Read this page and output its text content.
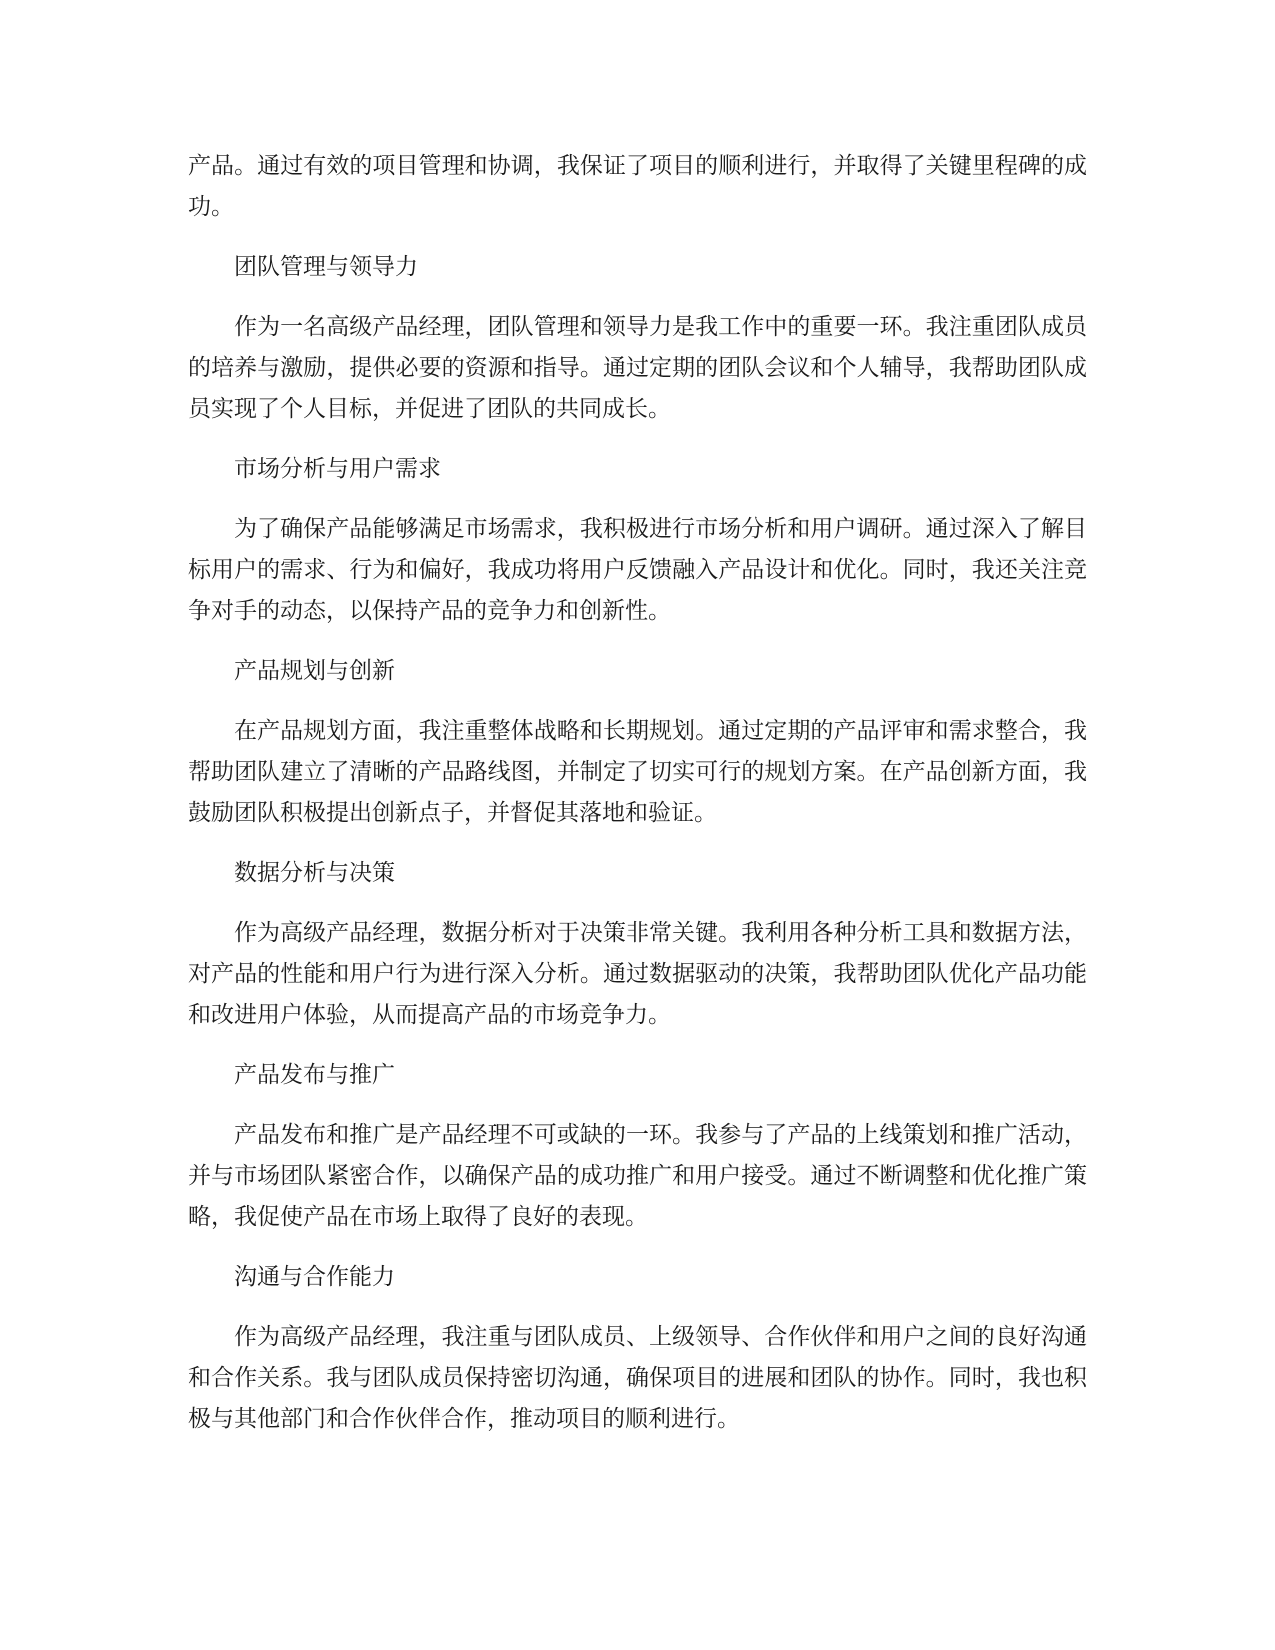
产品。通过有效的项目管理和协调，我保证了项目的顺利进行，并取得了关键里程碑的成功。

团队管理与领导力

作为一名高级产品经理，团队管理和领导力是我工作中的重要一环。我注重团队成员的培养与激励，提供必要的资源和指导。通过定期的团队会议和个人辅导，我帮助团队成员实现了个人目标，并促进了团队的共同成长。

市场分析与用户需求

为了确保产品能够满足市场需求，我积极进行市场分析和用户调研。通过深入了解目标用户的需求、行为和偏好，我成功将用户反馈融入产品设计和优化。同时，我还关注竞争对手的动态，以保持产品的竞争力和创新性。

产品规划与创新

在产品规划方面，我注重整体战略和长期规划。通过定期的产品评审和需求整合，我帮助团队建立了清晰的产品路线图，并制定了切实可行的规划方案。在产品创新方面，我鼓励团队积极提出创新点子，并督促其落地和验证。

数据分析与决策

作为高级产品经理，数据分析对于决策非常关键。我利用各种分析工具和数据方法，对产品的性能和用户行为进行深入分析。通过数据驱动的决策，我帮助团队优化产品功能和改进用户体验，从而提高产品的市场竞争力。

产品发布与推广

产品发布和推广是产品经理不可或缺的一环。我参与了产品的上线策划和推广活动，并与市场团队紧密合作，以确保产品的成功推广和用户接受。通过不断调整和优化推广策略，我促使产品在市场上取得了良好的表现。

沟通与合作能力

作为高级产品经理，我注重与团队成员、上级领导、合作伙伴和用户之间的良好沟通和合作关系。我与团队成员保持密切沟通，确保项目的进展和团队的协作。同时，我也积极与其他部门和合作伙伴合作，推动项目的顺利进行。
